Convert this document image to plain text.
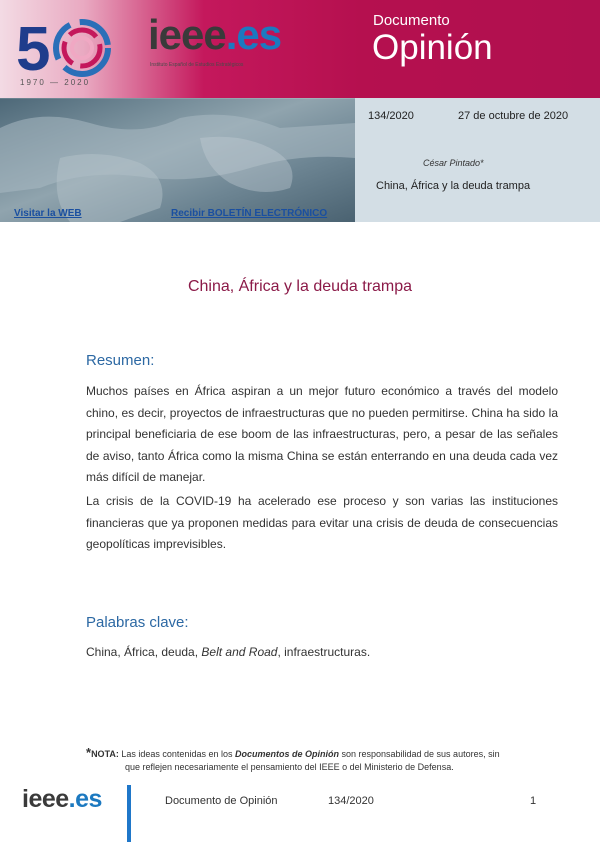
5
1970 — 2020
ieee.es
Instituto Español de Estudios Estratégicos
Documento
Opinión
134/2020	27 de octubre de 2020
César Pintado*
China, África y la deuda trampa
Visitar la WEB	Recibir BOLETÍN ELECTRÓNICO
China, África y la deuda trampa
Resumen:

Muchos países en África aspiran a un mejor futuro económico a través del modelo chino, es decir, proyectos de infraestructuras que no pueden permitirse. China ha sido la principal beneficiaria de ese boom de las infraestructuras, pero, a pesar de las señales de aviso, tanto África como la misma China se están enterrando en una deuda cada vez más difícil de manejar.

La crisis de la COVID-19 ha acelerado ese proceso y son varias las instituciones financieras que ya proponen medidas para evitar una crisis de deuda de consecuencias geopolíticas imprevisibles.

Palabras clave:
China, África, deuda, Belt and Road, infraestructuras.
*NOTA: Las ideas contenidas en los Documentos de Opinión son responsabilidad de sus autores, sin
que reflejen necesariamente el pensamiento del IEEE o del Ministerio de Defensa.
ieee.es	Documento de Opinión	134/2020	1
